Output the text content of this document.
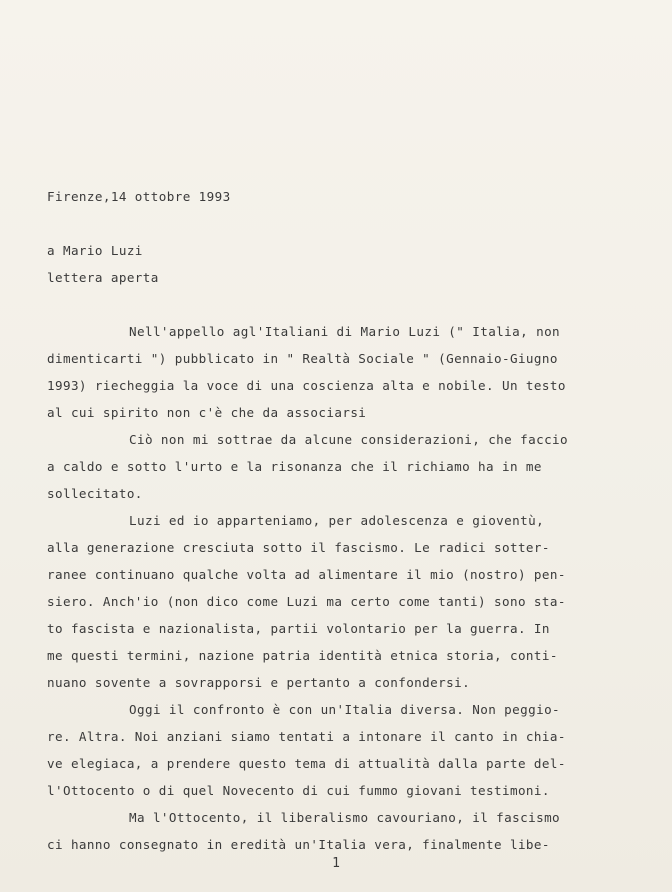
Firenze,14 ottobre 1993
a Mario Luzi
lettera aperta
Nell'appello agl'Italiani di Mario Luzi (" Italia, non
dimenticarti ") pubblicato in " Realtà Sociale " (Gennaio-Giugno
1993) riecheggia la voce di una coscienza alta e nobile. Un testo
al cui spirito non c'è che da associarsi
Ciò non mi sottrae da alcune considerazioni, che faccio
a caldo e sotto l'urto e la risonanza che il richiamo ha in me
sollecitato.
Luzi ed io apparteniamo, per adolescenza e gioventù,
alla generazione cresciuta sotto il fascismo. Le radici sotter-
ranee continuano qualche volta ad alimentare il mio (nostro) pen-
siero. Anch'io (non dico come Luzi ma certo come tanti) sono sta-
to fascista e nazionalista, partii volontario per la guerra. In
me questi termini, nazione patria identità etnica storia, conti-
nuano sovente a sovrapporsi e pertanto a confondersi.
Oggi il confronto è con un'Italia diversa. Non peggio-
re. Altra. Noi anziani siamo tentati a intonare il canto in chia-
ve elegiaca, a prendere questo tema di attualità dalla parte del-
l'Ottocento o di quel Novecento di cui fummo giovani testimoni.
Ma l'Ottocento, il liberalismo cavouriano, il fascismo
ci hanno consegnato in eredità un'Italia vera, finalmente libe-
1
